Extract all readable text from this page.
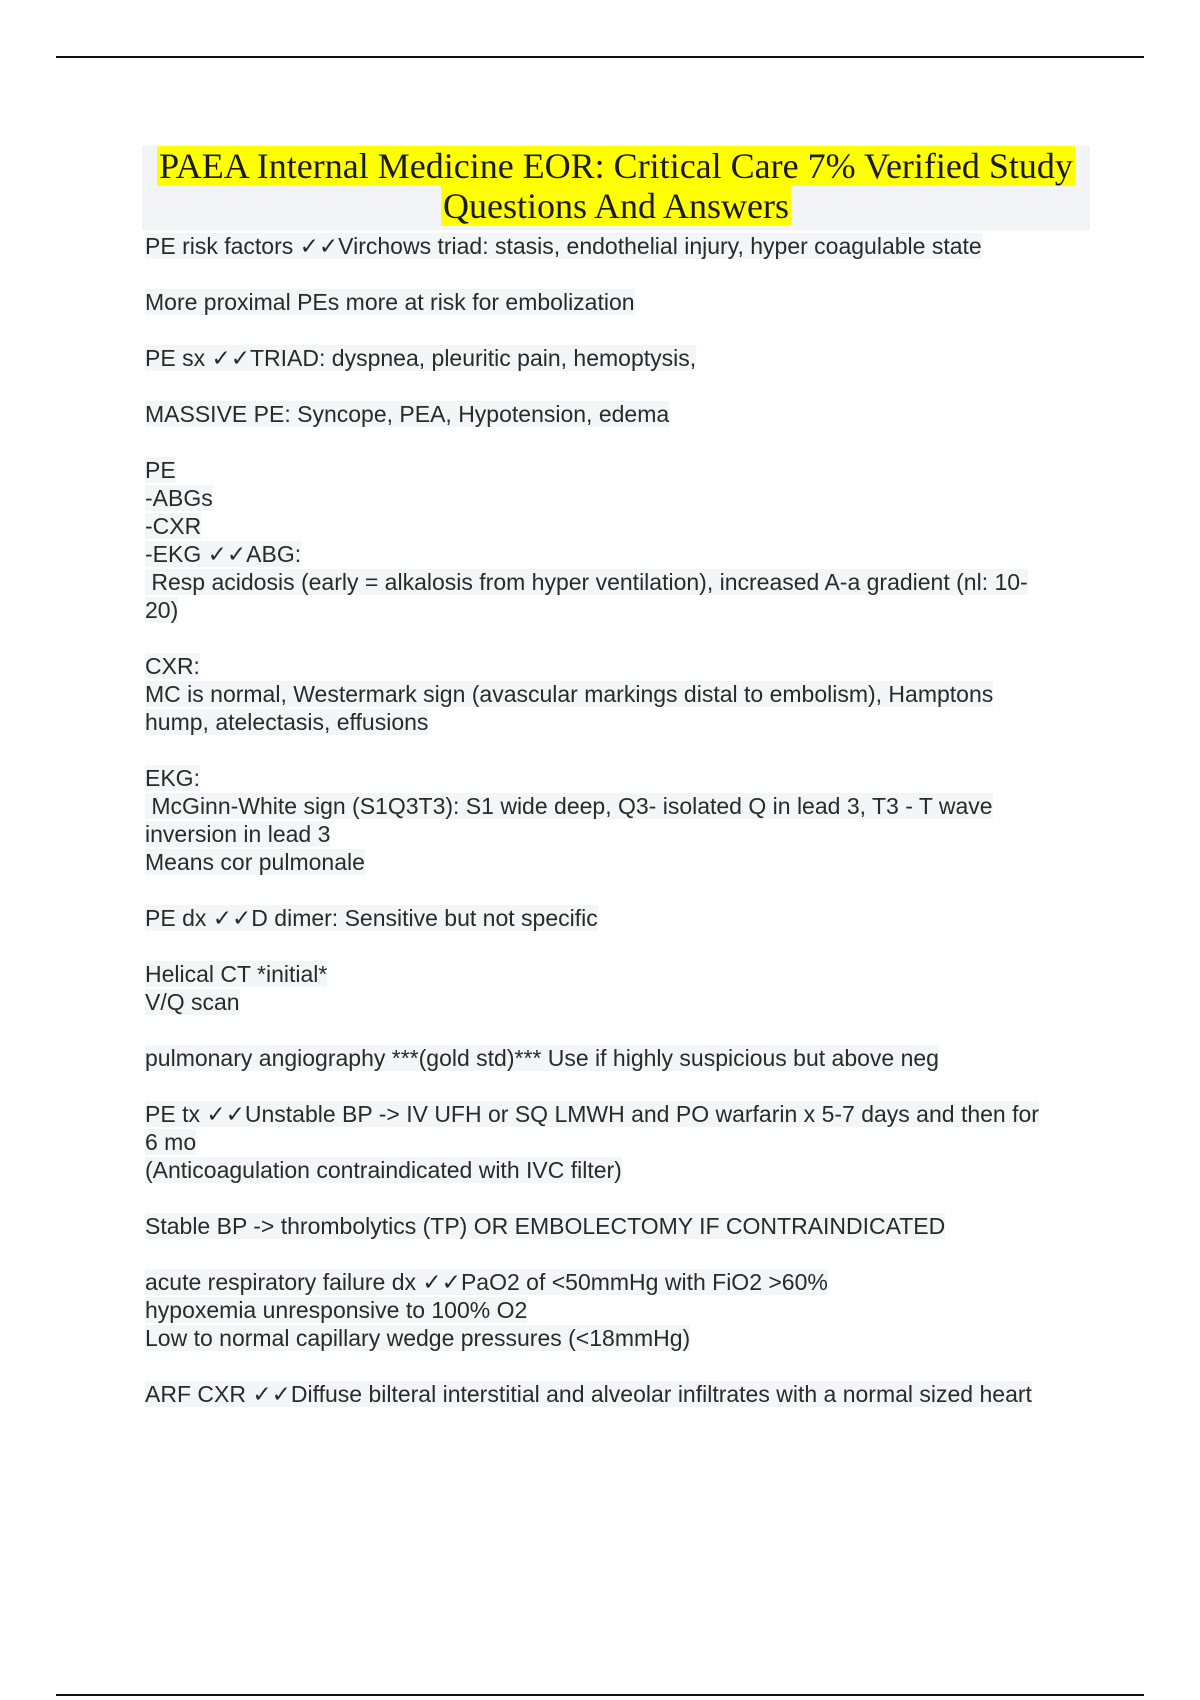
PAEA Internal Medicine EOR: Critical Care 7% Verified Study
Questions And Answers
PE risk factors ✓✓Virchows triad: stasis, endothelial injury, hyper coagulable state
More proximal PEs more at risk for embolization
PE sx ✓✓TRIAD: dyspnea, pleuritic pain, hemoptysis,
MASSIVE PE: Syncope, PEA, Hypotension, edema
PE
-ABGs
-CXR
-EKG ✓✓ABG:
Resp acidosis (early = alkalosis from hyper ventilation), increased A-a gradient (nl: 10-
20)
CXR:
MC is normal, Westermark sign (avascular markings distal to embolism), Hamptons
hump, atelectasis, effusions
EKG:
McGinn-White sign (S1Q3T3): S1 wide deep, Q3- isolated Q in lead 3, T3 - T wave
inversion in lead 3
Means cor pulmonale
PE dx ✓✓D dimer: Sensitive but not specific
Helical CT *initial*
V/Q scan
pulmonary angiography ***(gold std)*** Use if highly suspicious but above neg
PE tx ✓✓Unstable BP -> IV UFH or SQ LMWH and PO warfarin x 5-7 days and then for
6 mo
(Anticoagulation contraindicated with IVC filter)
Stable BP -> thrombolytics (TP) OR EMBOLECTOMY IF CONTRAINDICATED
acute respiratory failure dx ✓✓PaO2 of <50mmHg with FiO2 >60%
hypoxemia unresponsive to 100% O2
Low to normal capillary wedge pressures (<18mmHg)
ARF CXR ✓✓Diffuse bilteral interstitial and alveolar infiltrates with a normal sized heart
